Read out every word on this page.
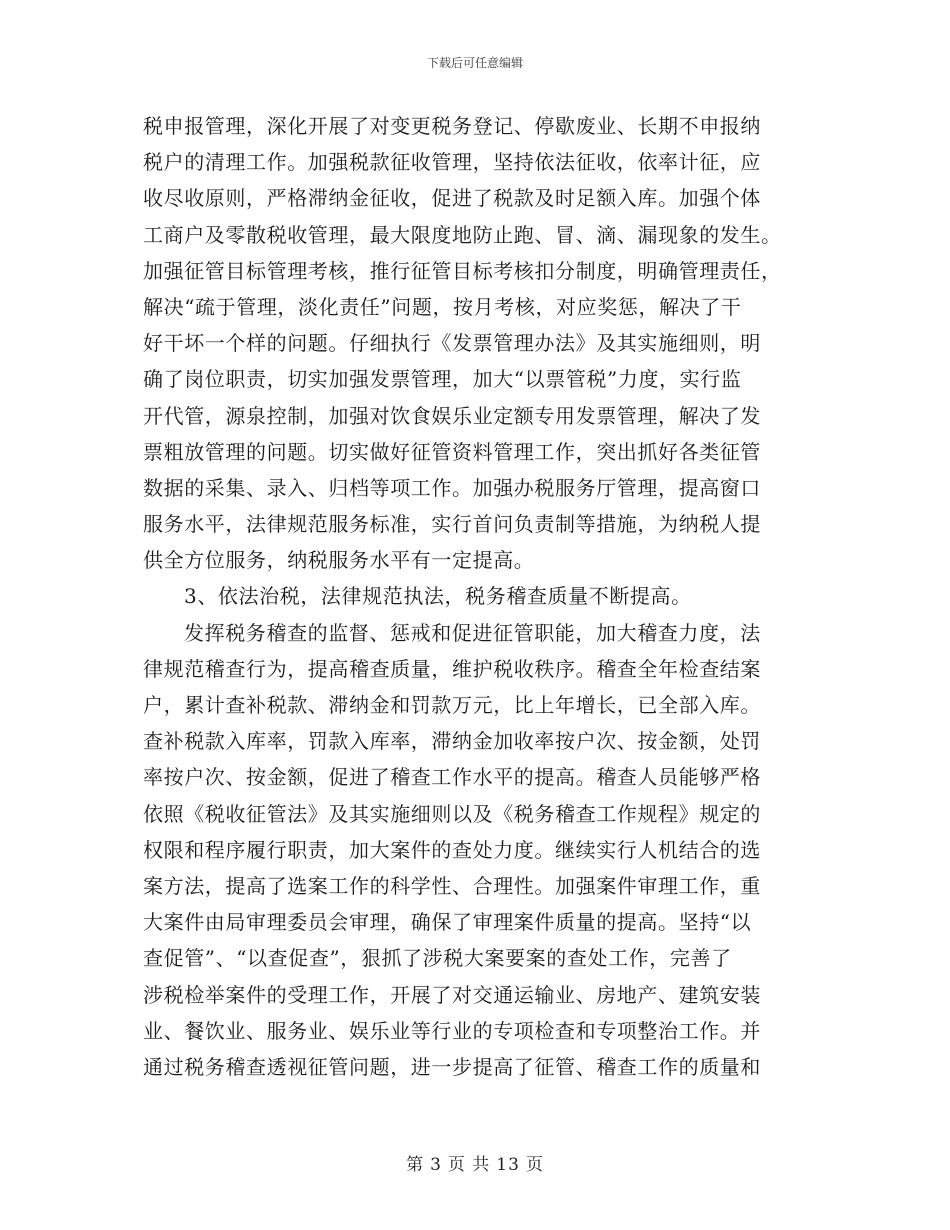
下载后可任意编辑
税申报管理，深化开展了对变更税务登记、停歇废业、长期不申报纳
税户的清理工作。加强税款征收管理，坚持依法征收，依率计征，应
收尽收原则，严格滞纳金征收，促进了税款及时足额入库。加强个体
工商户及零散税收管理，最大限度地防止跑、冒、滴、漏现象的发生。
加强征管目标管理考核，推行征管目标考核扣分制度，明确管理责任，
解决“疏于管理，淡化责任”问题，按月考核，对应奖惩，解决了干
好干坏一个样的问题。仔细执行《发票管理办法》及其实施细则，明
确了岗位职责，切实加强发票管理，加大“以票管税”力度，实行监
开代管，源泉控制，加强对饮食娱乐业定额专用发票管理，解决了发
票粗放管理的问题。切实做好征管资料管理工作，突出抓好各类征管
数据的采集、录入、归档等项工作。加强办税服务厅管理，提高窗口
服务水平，法律规范服务标准，实行首问负责制等措施，为纳税人提
供全方位服务，纳税服务水平有一定提高。
3、依法治税，法律规范执法，税务稽查质量不断提高。
发挥税务稽查的监督、惩戒和促进征管职能，加大稽查力度，法
律规范稽查行为，提高稽查质量，维护税收秩序。稽查全年检查结案
户，累计查补税款、滞纳金和罚款万元，比上年增长，已全部入库。
查补税款入库率，罚款入库率，滞纳金加收率按户次、按金额，处罚
率按户次、按金额，促进了稽查工作水平的提高。稽查人员能够严格
依照《税收征管法》及其实施细则以及《税务稽查工作规程》规定的
权限和程序履行职责，加大案件的查处力度。继续实行人机结合的选
案方法，提高了选案工作的科学性、合理性。加强案件审理工作，重
大案件由局审理委员会审理，确保了审理案件质量的提高。坚持“以
查促管”、“以查促查”，狠抓了涉税大案要案的查处工作，完善了
涉税检举案件的受理工作，开展了对交通运输业、房地产、建筑安装
业、餐饮业、服务业、娱乐业等行业的专项检查和专项整治工作。并
通过税务稽查透视征管问题，进一步提高了征管、稽查工作的质量和
第 3 页 共 13 页
